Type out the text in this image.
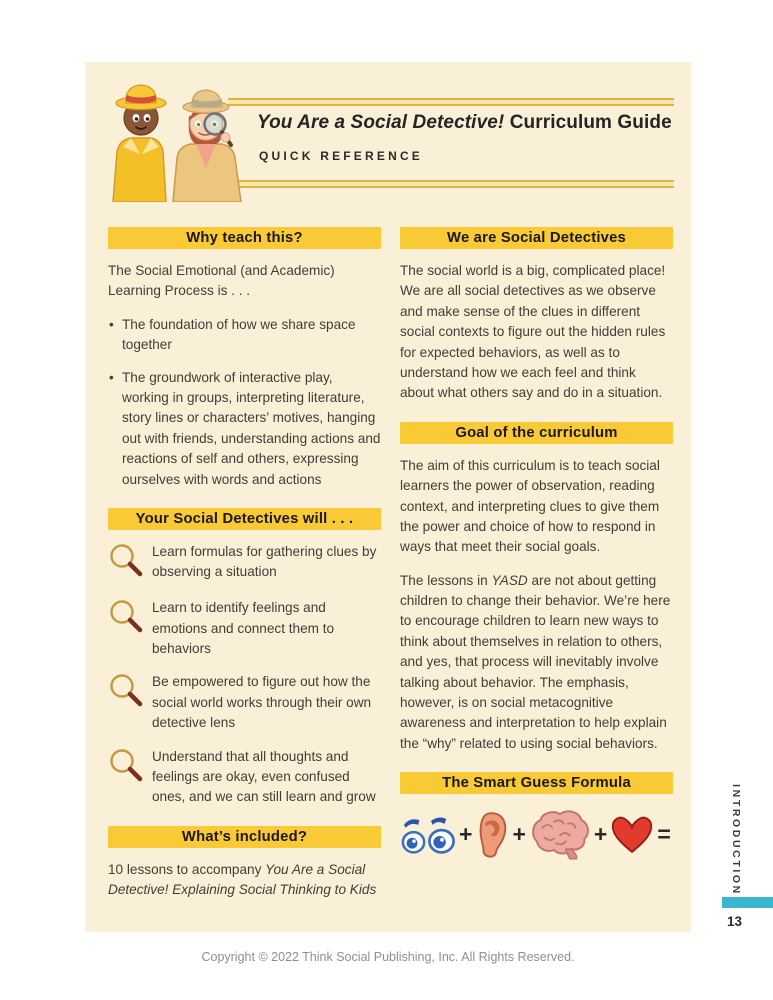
You Are a Social Detective! Curriculum Guide
QUICK REFERENCE
Why teach this?

The Social Emotional (and Academic) Learning Process is . . .

• The foundation of how we share space together
• The groundwork of interactive play, working in groups, interpreting literature, story lines or characters’ motives, hanging out with friends, understanding actions and reactions of self and others, expressing ourselves with words and actions
Your Social Detectives will . . .
Learn formulas for gathering clues by observing a situation
Learn to identify feelings and emotions and connect them to behaviors
Be empowered to figure out how the social world works through their own detective lens
Understand that all thoughts and feelings are okay, even confused ones, and we can still learn and grow
What’s included?

10 lessons to accompany You Are a Social Detective! Explaining Social Thinking to Kids

We are Social Detectives

The social world is a big, complicated place! We are all social detectives as we observe and make sense of the clues in different social contexts to figure out the hidden rules for expected behaviors, as well as to understand how we each feel and think about what others say and do in a situation.

Goal of the curriculum

The aim of this curriculum is to teach social learners the power of observation, reading context, and interpreting clues to give them the power and choice of how to respond in ways that meet their social goals.

The lessons in YASD are not about getting children to change their behavior. We’re here to encourage children to learn new ways to think about themselves in relation to others, and yes, that process will inevitably involve talking about behavior. The emphasis, however, is on social metacognitive awareness and interpretation to help explain the “why” related to using social behaviors.

The Smart Guess Formula
+ +	+ =	INTRODUCTION
13
Copyright © 2022 Think Social Publishing, Inc. All Rights Reserved.
